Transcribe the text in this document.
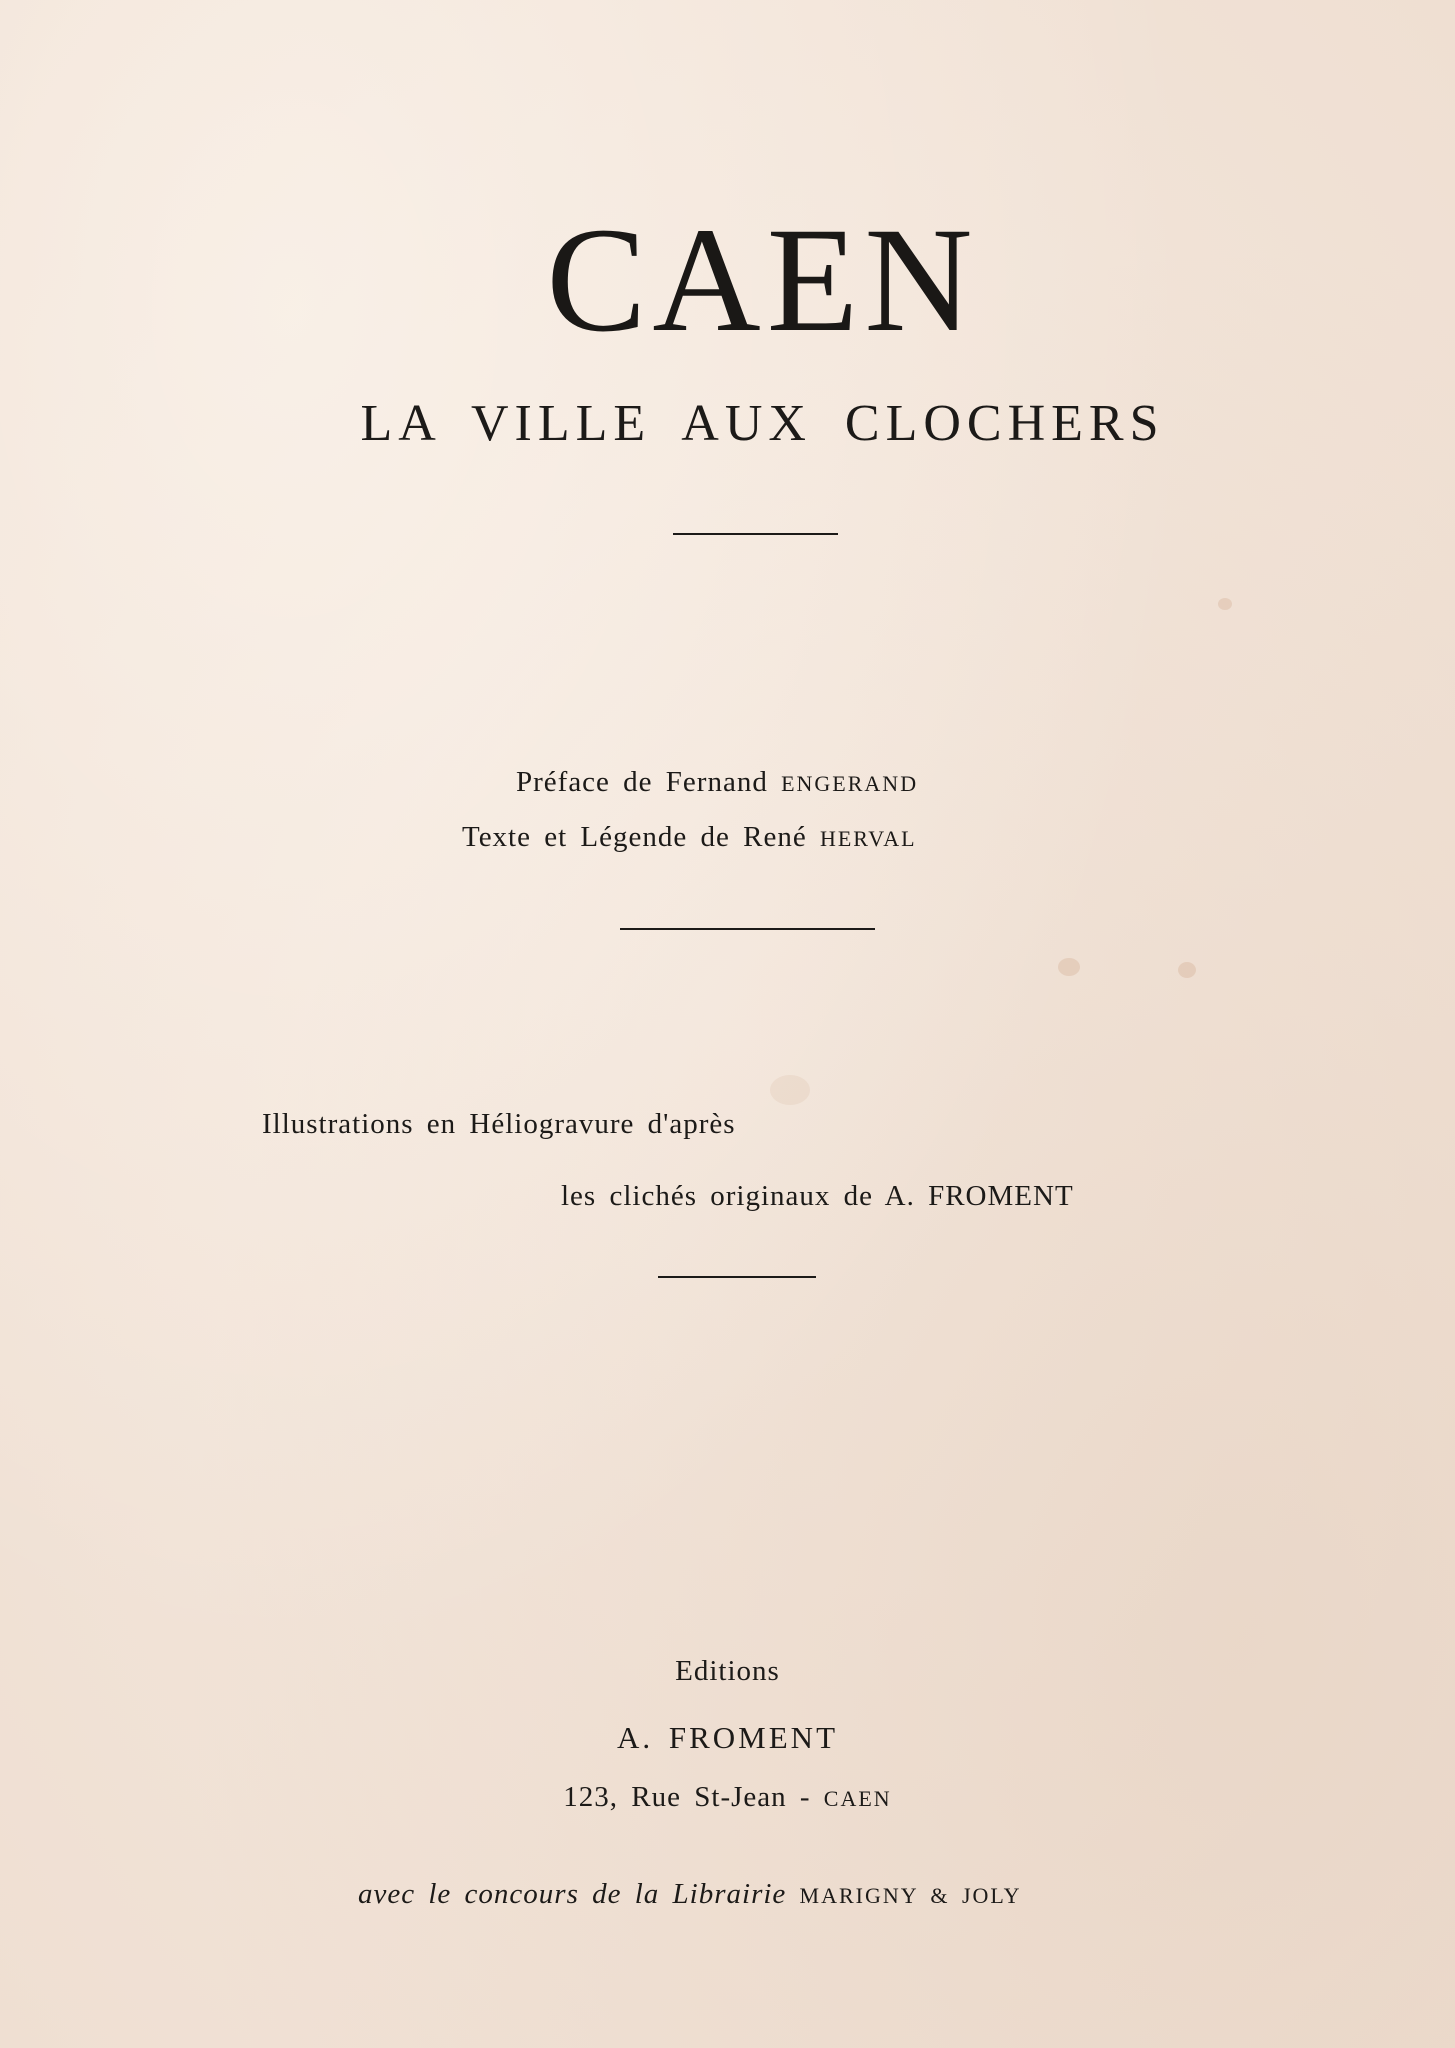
CAEN
LA VILLE AUX CLOCHERS
Préface de Fernand ENGERAND
Texte et Légende de René HERVAL
Illustrations en Héliogravure d'après
les clichés originaux de A. FROMENT
Editions
A. FROMENT
123, Rue St-Jean - CAEN
avec le concours de la Librairie MARIGNY & JOLY
